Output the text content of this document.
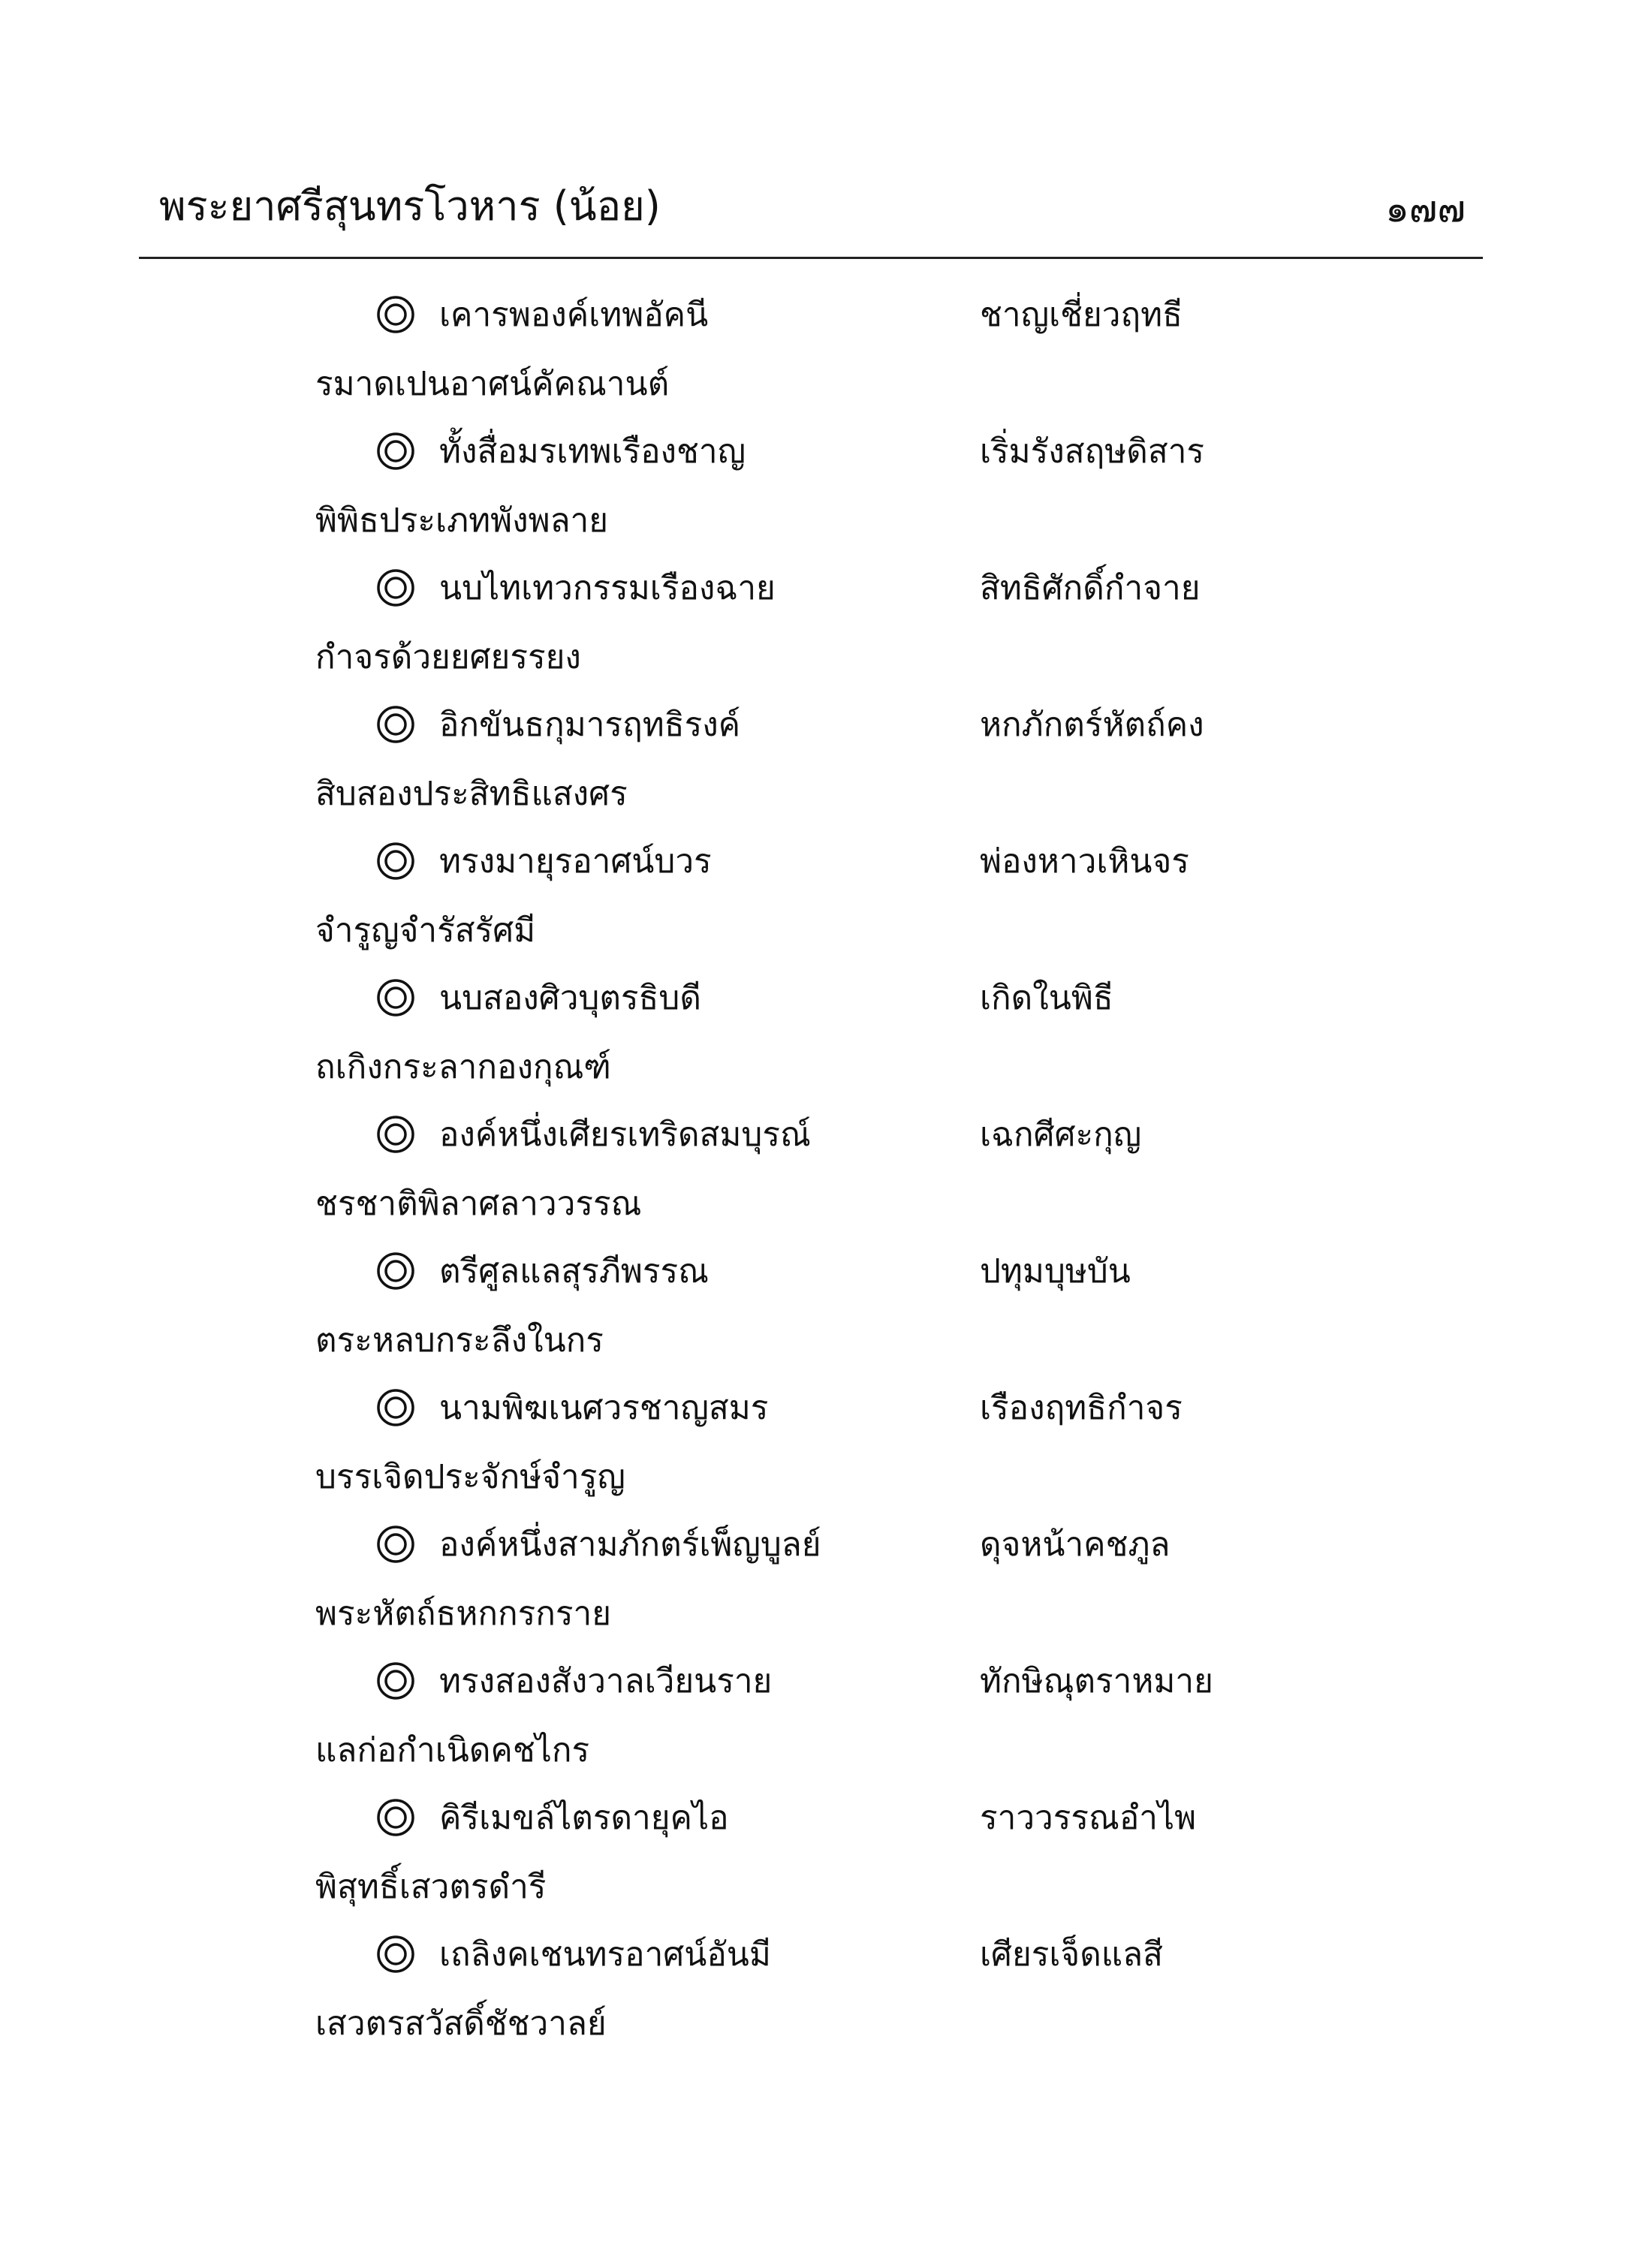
พระยาศรีสุนทรโวหาร (น้อย)	๑๗๗
เคารพองค์เทพอัคนี	ชาญเชี่ยวฤทธี
รมาดเปนอาศน์คัคณานต์
ทั้งสื่อมรเทพเรืองชาญ	เริ่มรังสฤษดิสาร
พิพิธประเภทพังพลาย
นบไทเทวกรรมเรืองฉาย	สิทธิศักดิ์กำจาย
กำจรด้วยยศยรรยง
อิกขันธกุมารฤทธิรงค์	หกภักตร์หัตถ์คง
สิบสองประสิทธิแสงศร
ทรงมายุรอาศน์บวร	พ่องหาวเหินจร
จำรูญจำรัสรัศมี
นบสองศิวบุตรธิบดี	เกิดในพิธี
ถเกิงกระลากองกุณฑ์
องค์หนึ่งเศียรเทริดสมบุรณ์	เฉกศีศะกุญ
ชรชาติพิลาศลาววรรณ
ตรีศูลแลสุรภีพรรณ	ปทุมบุษบัน
ตระหลบกระลึงในกร
นามพิฆเนศวรชาญสมร	เรืองฤทธิกำจร
บรรเจิดประจักษ์จำรูญ
องค์หนึ่งสามภักตร์เพ็ญบูลย์	ดุจหน้าคชภูล
พระหัตถ์ธหกกรกราย
ทรงสองสังวาลเวียนราย	ทักษิณุตราหมาย
แลก่อกำเนิดคชไกร
คิรีเมขล์ไตรดายุคไอ	ราววรรณอำไพ
พิสุทธิ์เสวตรดำรี
เถลิงคเชนทรอาศน์อันมี	เศียรเจ็ดแลสี
เสวตรสวัสดิ์ชัชวาลย์
